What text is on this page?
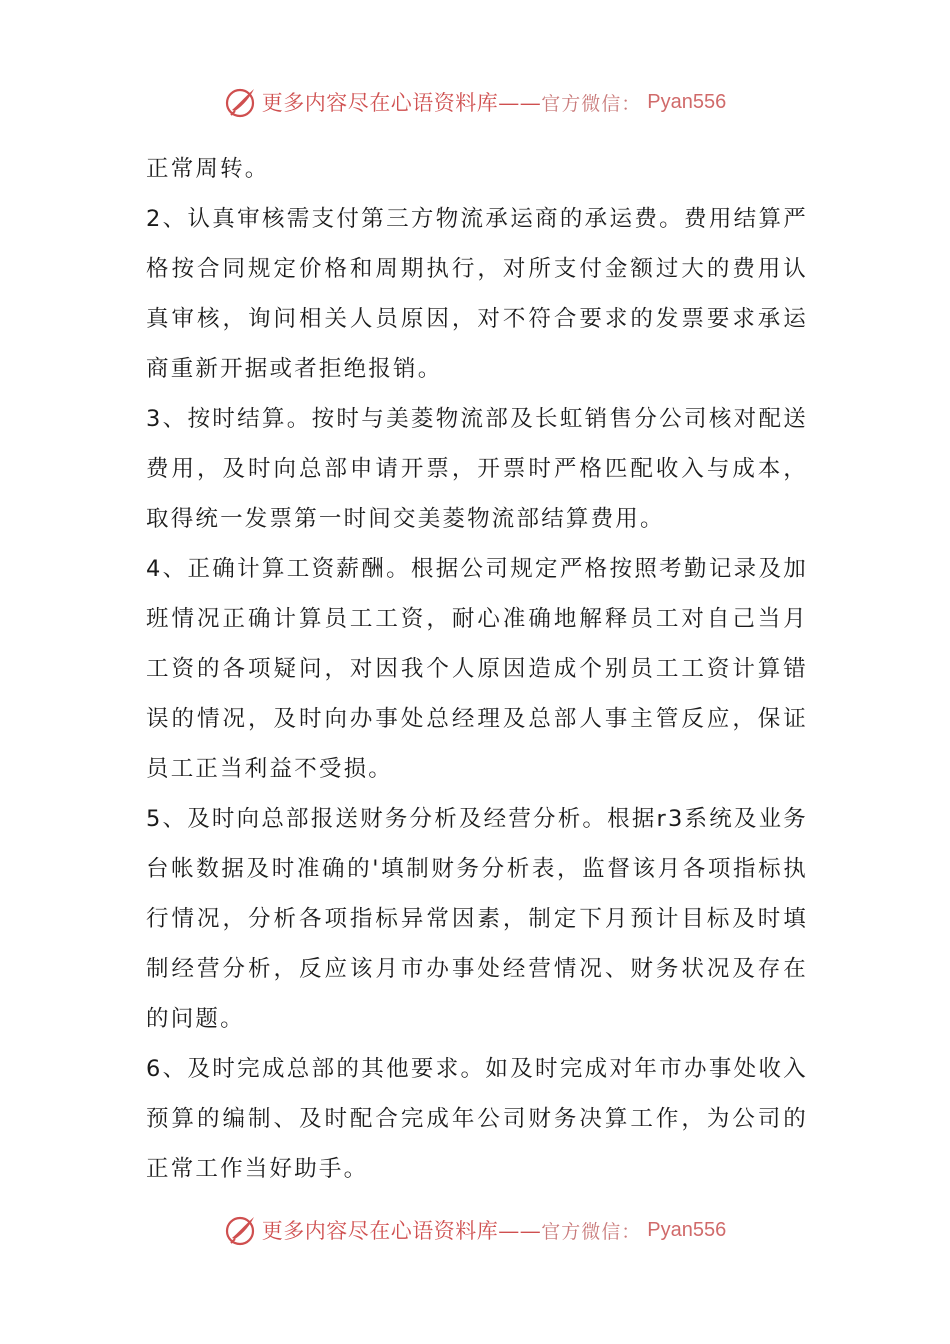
更多内容尽在心语资料库—— 官方微信： Pyan556

正常周转。

2、认真审核需支付第三方物流承运商的承运费。费用结算严格按合同规定价格和周期执行，对所支付金额过大的费用认真审核，询问相关人员原因，对不符合要求的发票要求承运商重新开据或者拒绝报销。

3、按时结算。按时与美菱物流部及长虹销售分公司核对配送费用，及时向总部申请开票，开票时严格匹配收入与成本，取得统一发票第一时间交美菱物流部结算费用。

4、正确计算工资薪酬。根据公司规定严格按照考勤记录及加班情况正确计算员工工资，耐心准确地解释员工对自己当月工资的各项疑问，对因我个人原因造成个别员工工资计算错误的情况，及时向办事处总经理及总部人事主管反应，保证员工正当利益不受损。

5、及时向总部报送财务分析及经营分析。根据r3系统及业务台帐数据及时准确的'填制财务分析表，监督该月各项指标执行情况，分析各项指标异常因素，制定下月预计目标及时填制经营分析，反应该月市办事处经营情况、财务状况及存在的问题。

6、及时完成总部的其他要求。如及时完成对年市办事处收入预算的编制、及时配合完成年公司财务决算工作，为公司的正常工作当好助手。

更多内容尽在心语资料库—— 官方微信： Pyan556
